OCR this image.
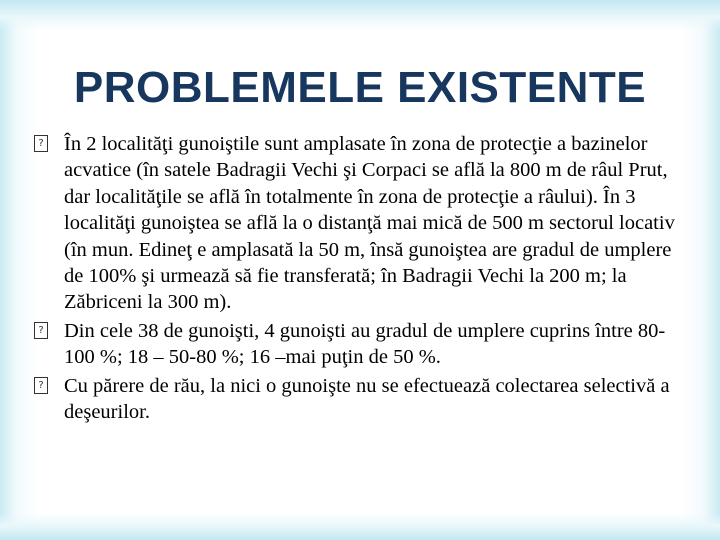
PROBLEMELE EXISTENTE

? În 2 localităţi gunoiştile sunt amplasate în zona de protecţie a bazinelor acvatice (în satele Badragii Vechi şi Corpaci se află la 800 m de râul Prut, dar localităţile se află în totalmente în zona de protecţie a râului). În 3 localităţi gunoiştea se află la o distanţă mai mică de 500 m sectorul locativ (în mun. Edineţ e amplasată la 50 m, însă gunoiştea are gradul de umplere de 100% şi urmează să fie transferată; în Badragii Vechi la 200 m; la Zăbriceni la 300 m).

? Din cele 38 de gunoişti, 4 gunoişti au gradul de umplere cuprins între 80-100 %; 18 – 50-80 %; 16 –mai puţin de 50 %.

? Cu părere de rău, la nici o gunoişte nu se efectuează colectarea selectivă a deşeurilor.
